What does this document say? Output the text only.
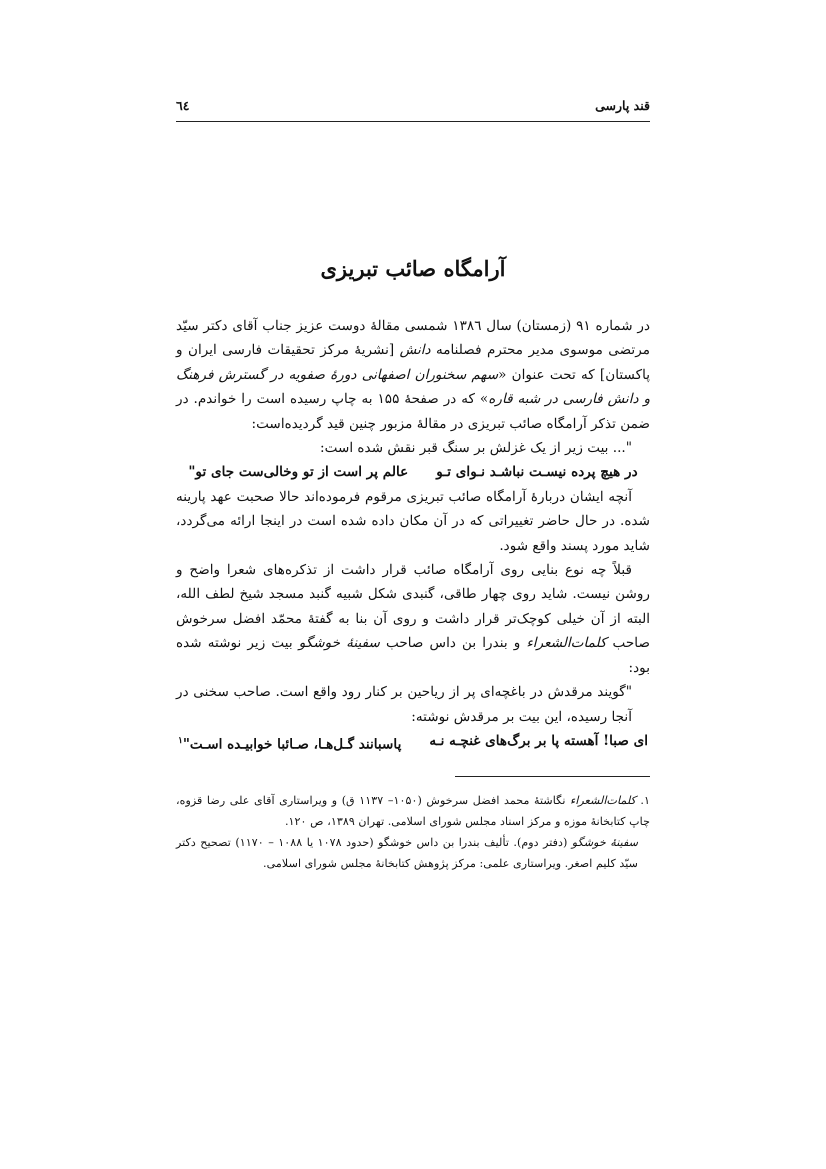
قند پارسی
٦٤
آرامگاه صائب تبریزی

در شماره ۹۱ (زمستان) سال ۱۳۸٦ شمسی مقالهٔ دوست عزیز جناب آقای دکتر سیّد مرتضی موسوی مدیر محترم فصلنامه دانش [نشریهٔ مرکز تحقیقات فارسی ایران و پاکستان] که تحت عنوان «سهم سخنوران اصفهانی دورهٔ صفویه در گسترش فرهنگ و دانش فارسی در شبه قاره» که در صفحهٔ ۱۵۵ به چاپ رسیده است را خواندم. در ضمن تذکر آرامگاه صائب تبریزی در مقالهٔ مزبور چنین قید گردیده‌است:

"... بیت زیر از یک غزلش بر سنگ قبر نقش شده است:

در هیچ پرده نیسـت نباشـد نـوای تـو
عالم پر است از تو وخالی‌ست جای تو"

آنچه ایشان دربارهٔ آرامگاه صائب تبریزی مرقوم فرموده‌اند حالا صحبت عهد پارینه شده. در حال حاضر تغییراتی که در آن مکان داده شده است در اینجا ارائه می‌گردد، شاید مورد پسند واقع شود.

قبلاً چه نوع بنایی روی آرامگاه صائب قرار داشت از تذکره‌های شعرا واضح و روشن نیست. شاید روی چهار طاقی، گنبدی شکل شبیه گنبد مسجد شیخ لطف الله، البته از آن خیلی کوچک‌تر قرار داشت و روی آن بنا به گفتهٔ محمّد افضل سرخوش صاحب کلمات‌الشعراء و بندرا بن داس صاحب سفینهٔ خوشگو بیت زیر نوشته شده بود:

"گویند مرقدش در باغچه‌ای پر از ریاحین بر کنار رود واقع است. صاحب سخنی در آنجا رسیده، این بیت بر مرقدش نوشته:

ای صبا! آهسته پا بر برگ‌های غنچـه نـه
پاسبانند گـل‌هـا، صـائبا خوابیـده اسـت"$^۱$

۱. کلمات‌الشعراء نگاشتهٔ محمد افضل سرخوش (۱۰۵۰– ۱۱۳۷ ق) و ویراستاری آقای علی رضا قزوه، چاپ کتابخانهٔ موزه و مرکز اسناد مجلس شورای اسلامی. تهران ۱۳۸۹، ص ۱۲۰.

سفینهٔ خوشگو (دفتر دوم). تألیف بندرا بن داس خوشگو (حدود ۱۰۷۸ یا ۱۰۸۸ – ۱۱۷۰) تصحیح دکتر سیّد کلیم اصغر. ویراستاری علمی: مرکز پژوهش کتابخانهٔ مجلس شورای اسلامی.
